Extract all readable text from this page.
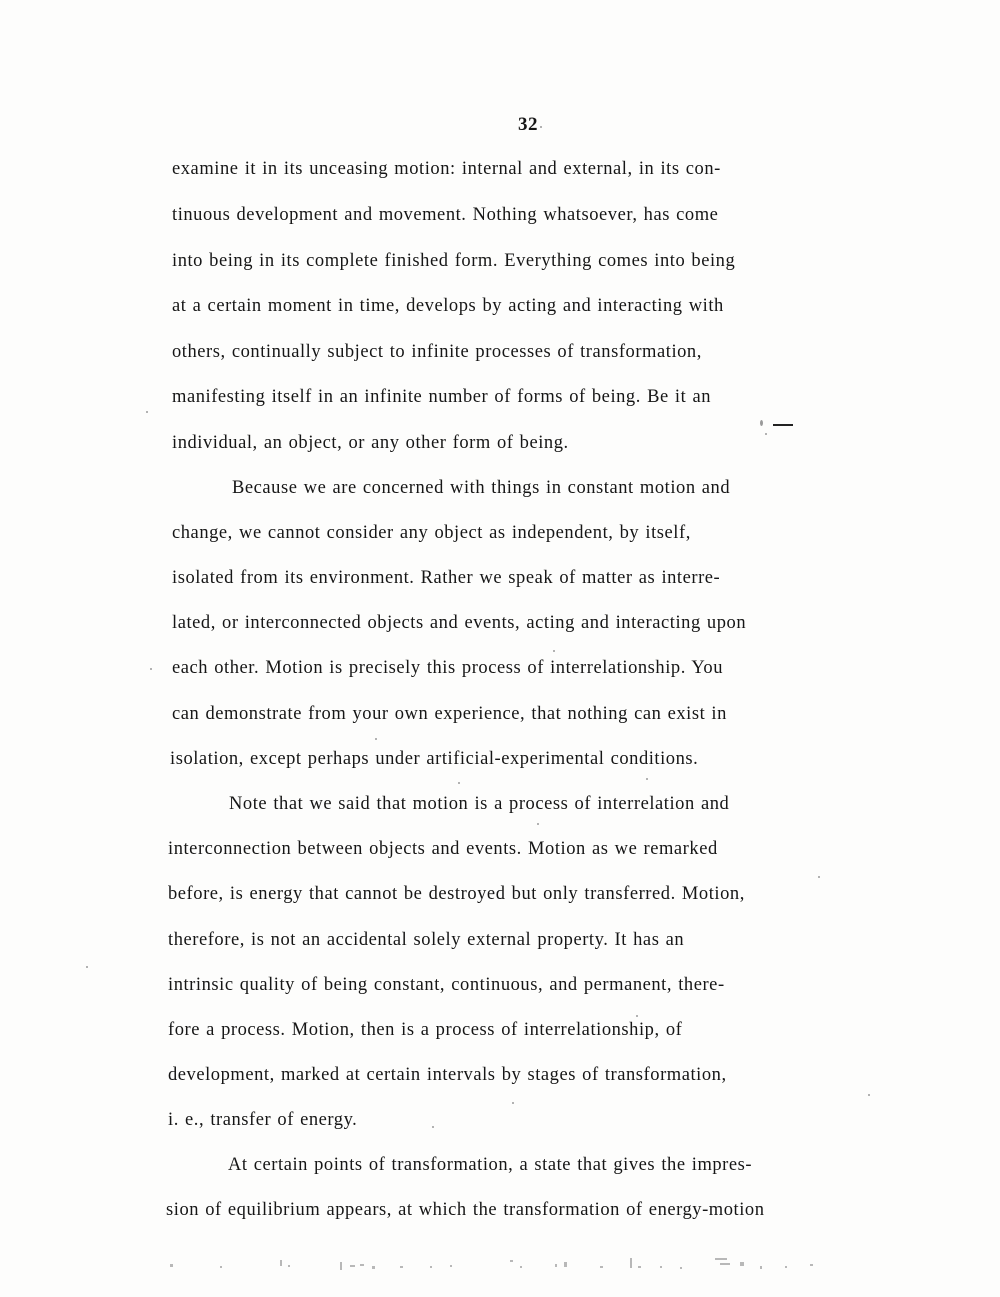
32
examine it in its unceasing motion: internal and external, in its con-
tinuous development and movement. Nothing whatsoever, has come
into being in its complete finished form. Everything comes into being
at a certain moment in time, develops by acting and interacting with
others, continually subject to infinite processes of transformation,
manifesting itself in an infinite number of forms of being. Be it an
individual, an object, or any other form of being.
Because we are concerned with things in constant motion and
change, we cannot consider any object as independent, by itself,
isolated from its environment. Rather we speak of matter as interre-
lated, or interconnected objects and events, acting and interacting upon
each other. Motion is precisely this process of interrelationship. You
can demonstrate from your own experience, that nothing can exist in
isolation, except perhaps under artificial-experimental conditions.
Note that we said that motion is a process of interrelation and
interconnection between objects and events. Motion as we remarked
before, is energy that cannot be destroyed but only transferred. Motion,
therefore, is not an accidental solely external property. It has an
intrinsic quality of being constant, continuous, and permanent, there-
fore a process. Motion, then is a process of interrelationship, of
development, marked at certain intervals by stages of transformation,
i. e., transfer of energy.
At certain points of transformation, a state that gives the impres-
sion of equilibrium appears, at which the transformation of energy-motion
